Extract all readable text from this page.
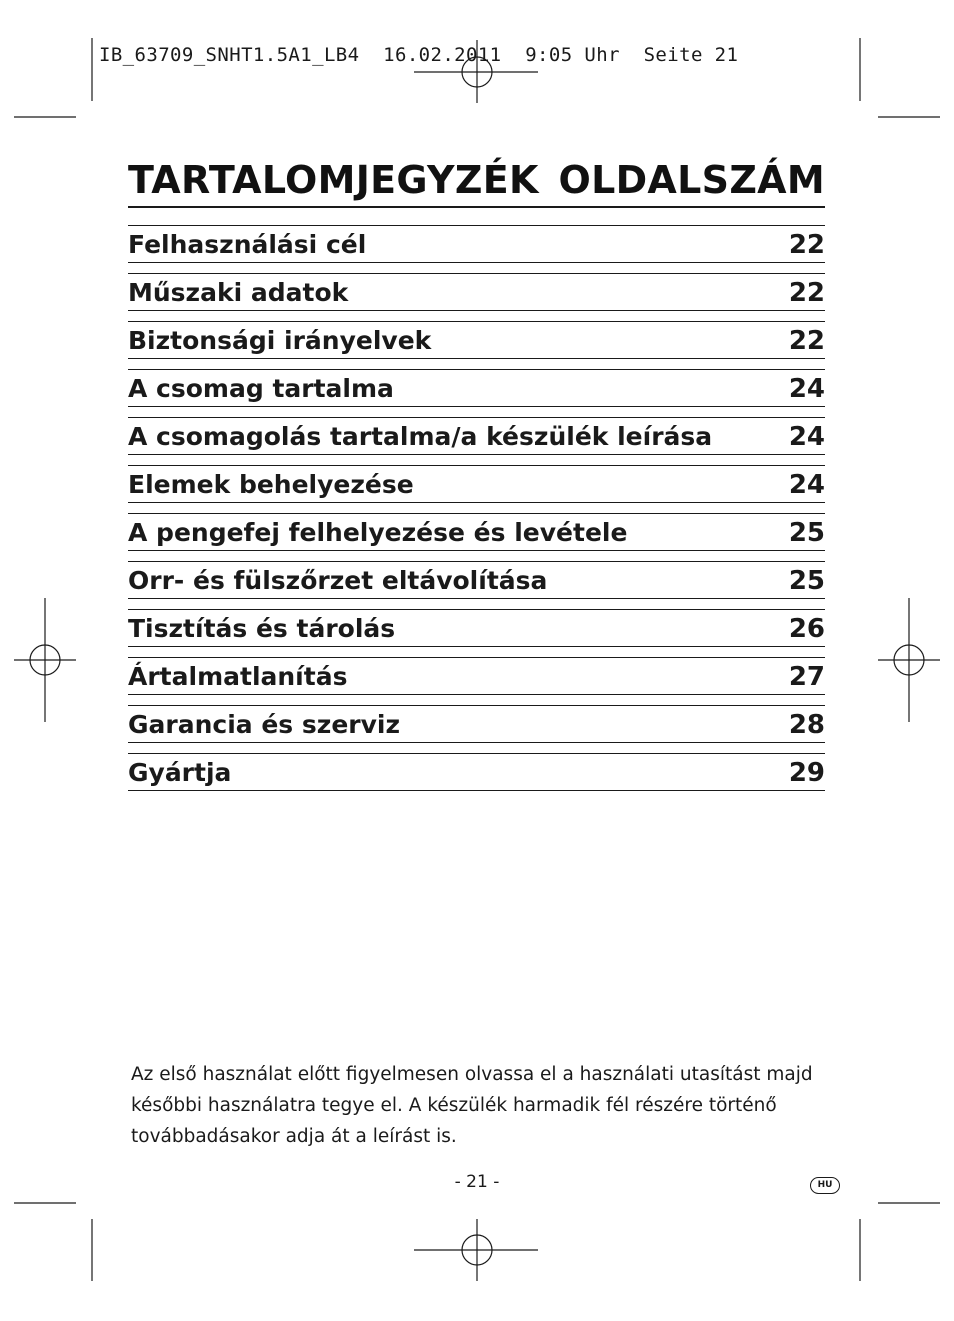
IB_63709_SNHT1.5A1_LB4  16.02.2011  9:05 Uhr  Seite 21
TARTALOMJEGYZÉK OLDALSZÁM
Felhasználási cél	22
Műszaki adatok	22
Biztonsági irányelvek	22
A csomag tartalma	24
A csomagolás tartalma/a készülék leírása	24
Elemek behelyezése	24
A pengefej felhelyezése és levétele	25
Orr- és fülszőrzet eltávolítása	25
Tisztítás és tárolás	26
Ártalmatlanítás	27
Garancia és szerviz	28
Gyártja	29
Az első használat előtt figyelmesen olvassa el a használati utasítást majd
későbbi használatra tegye el. A készülék harmadik fél részére történő
továbbadásakor adja át a leírást is.
- 21 -	HU
